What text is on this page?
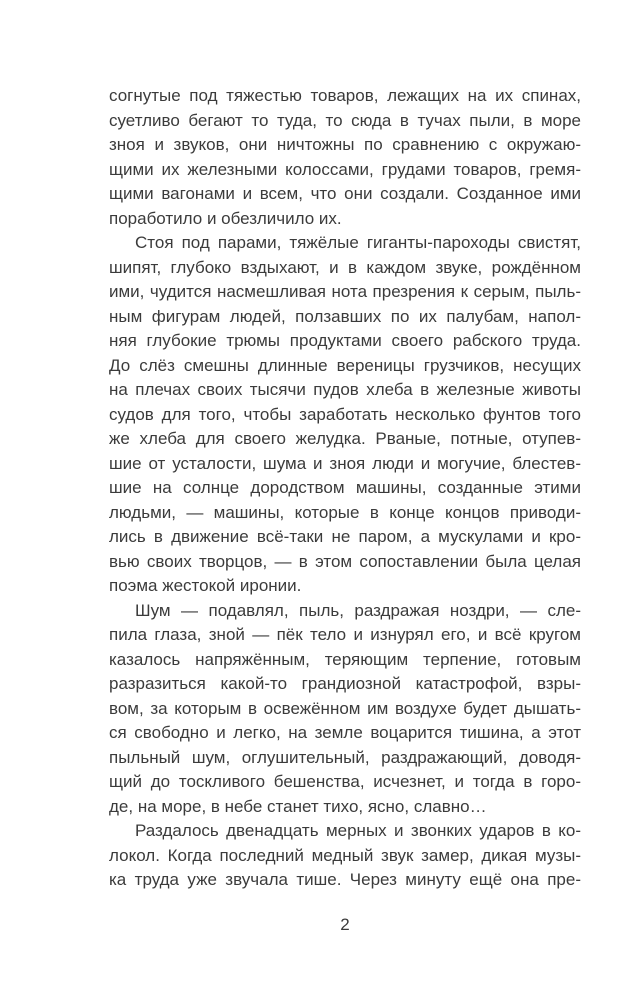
согнутые под тяжестью товаров, лежащих на их спинах,
суетливо бегают то туда, то сюда в тучах пыли, в море
зноя и звуков, они ничтожны по сравнению с окружаю-
щими их железными колоссами, грудами товаров, гремя-
щими вагонами и всем, что они создали. Созданное ими
поработило и обезличило их.
Стоя под парами, тяжёлые гиганты-пароходы свистят,
шипят, глубоко вздыхают, и в каждом звуке, рождённом
ими, чудится насмешливая нота презрения к серым, пыль-
ным фигурам людей, ползавших по их палубам, напол-
няя глубокие трюмы продуктами своего рабского труда.
До слёз смешны длинные вереницы грузчиков, несущих
на плечах своих тысячи пудов хлеба в железные животы
судов для того, чтобы заработать несколько фунтов того
же хлеба для своего желудка. Рваные, потные, отупев-
шие от усталости, шума и зноя люди и могучие, блестев-
шие на солнце дородством машины, созданные этими
людьми, — машины, которые в конце концов приводи-
лись в движение всё-таки не паром, а мускулами и кро-
вью своих творцов, — в этом сопоставлении была целая
поэма жестокой иронии.
Шум — подавлял, пыль, раздражая ноздри, — сле-
пила глаза, зной — пёк тело и изнурял его, и всё кругом
казалось напряжённым, теряющим терпение, готовым
разразиться какой-то грандиозной катастрофой, взры-
вом, за которым в освежённом им воздухе будет дышать-
ся свободно и легко, на земле воцарится тишина, а этот
пыльный шум, оглушительный, раздражающий, доводя-
щий до тоскливого бешенства, исчезнет, и тогда в горо-
де, на море, в небе станет тихо, ясно, славно…
Раздалось двенадцать мерных и звонких ударов в ко-
локол. Когда последний медный звук замер, дикая музы-
ка труда уже звучала тише. Через минуту ещё она пре-
2
